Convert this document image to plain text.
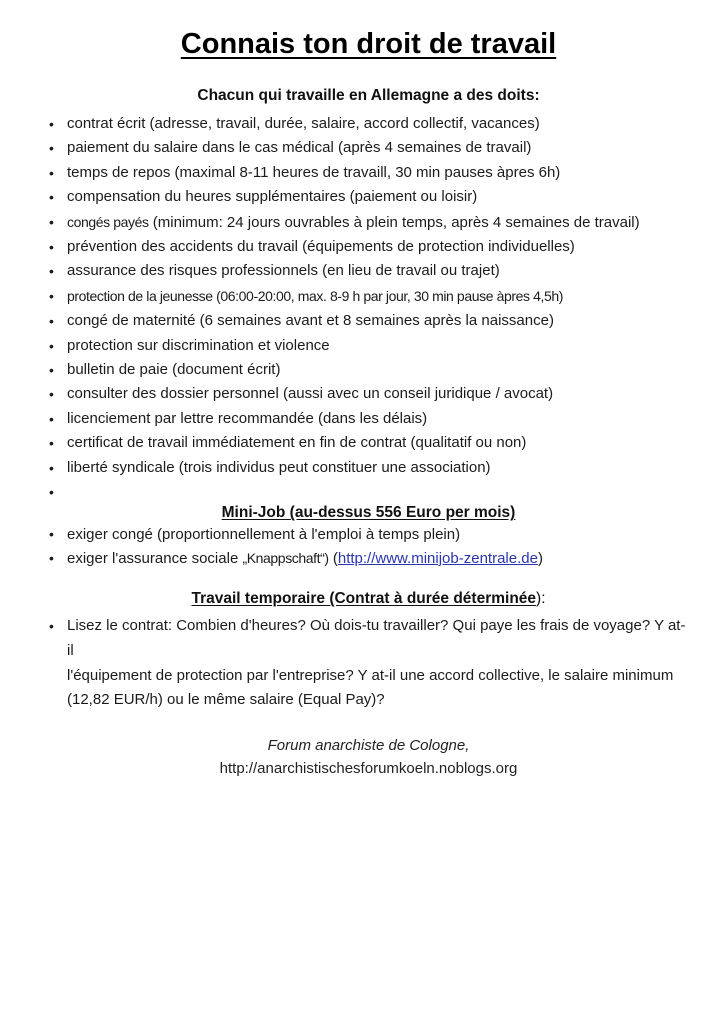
Connais ton droit de travail
Chacun qui travaille en Allemagne a des doits:
• contrat écrit (adresse, travail, durée, salaire, accord collectif, vacances)
• paiement du salaire dans le cas médical (après 4 semaines de travail)
• temps de repos (maximal 8-11 heures de travaill, 30 min pauses àpres 6h)
• compensation du heures supplémentaires (paiement ou loisir)
• congés payés (minimum: 24 jours ouvrables à plein temps, après 4 semaines de travail)
• prévention des accidents du travail (équipements de protection individuelles)
• assurance des risques professionnels (en lieu de travail ou trajet)
• protection de la jeunesse (06:00-20:00, max. 8-9 h par jour, 30 min pause àpres 4,5h)
• congé de maternité (6 semaines avant et 8 semaines après la naissance)
• protection sur discrimination et violence
• bulletin de paie (document écrit)
• consulter des dossier personnel (aussi avec un conseil juridique / avocat)
• licenciement par lettre recommandée (dans les délais)
• certificat de travail immédiatement en fin de contrat (qualitatif ou non)
• liberté syndicale (trois individus peut constituer une association)
•
Mini-Job (au-dessus 556 Euro per mois)
• exiger congé (proportionnellement à l'emploi à temps plein)
• exiger l'assurance sociale „Knappschaft“) (http://www.minijob-zentrale.de)
Travail temporaire (Contrat à durée déterminée):
• Lisez le contrat: Combien d'heures? Où dois-tu travailler? Qui paye les frais de voyage? Y at-il
l'équipement de protection par l'entreprise? Y at-il une accord collective, le salaire minimum
(12,82 EUR/h) ou le même salaire (Equal Pay)?
Forum anarchiste de Cologne,
http://anarchistischesforumkoeln.noblogs.org
